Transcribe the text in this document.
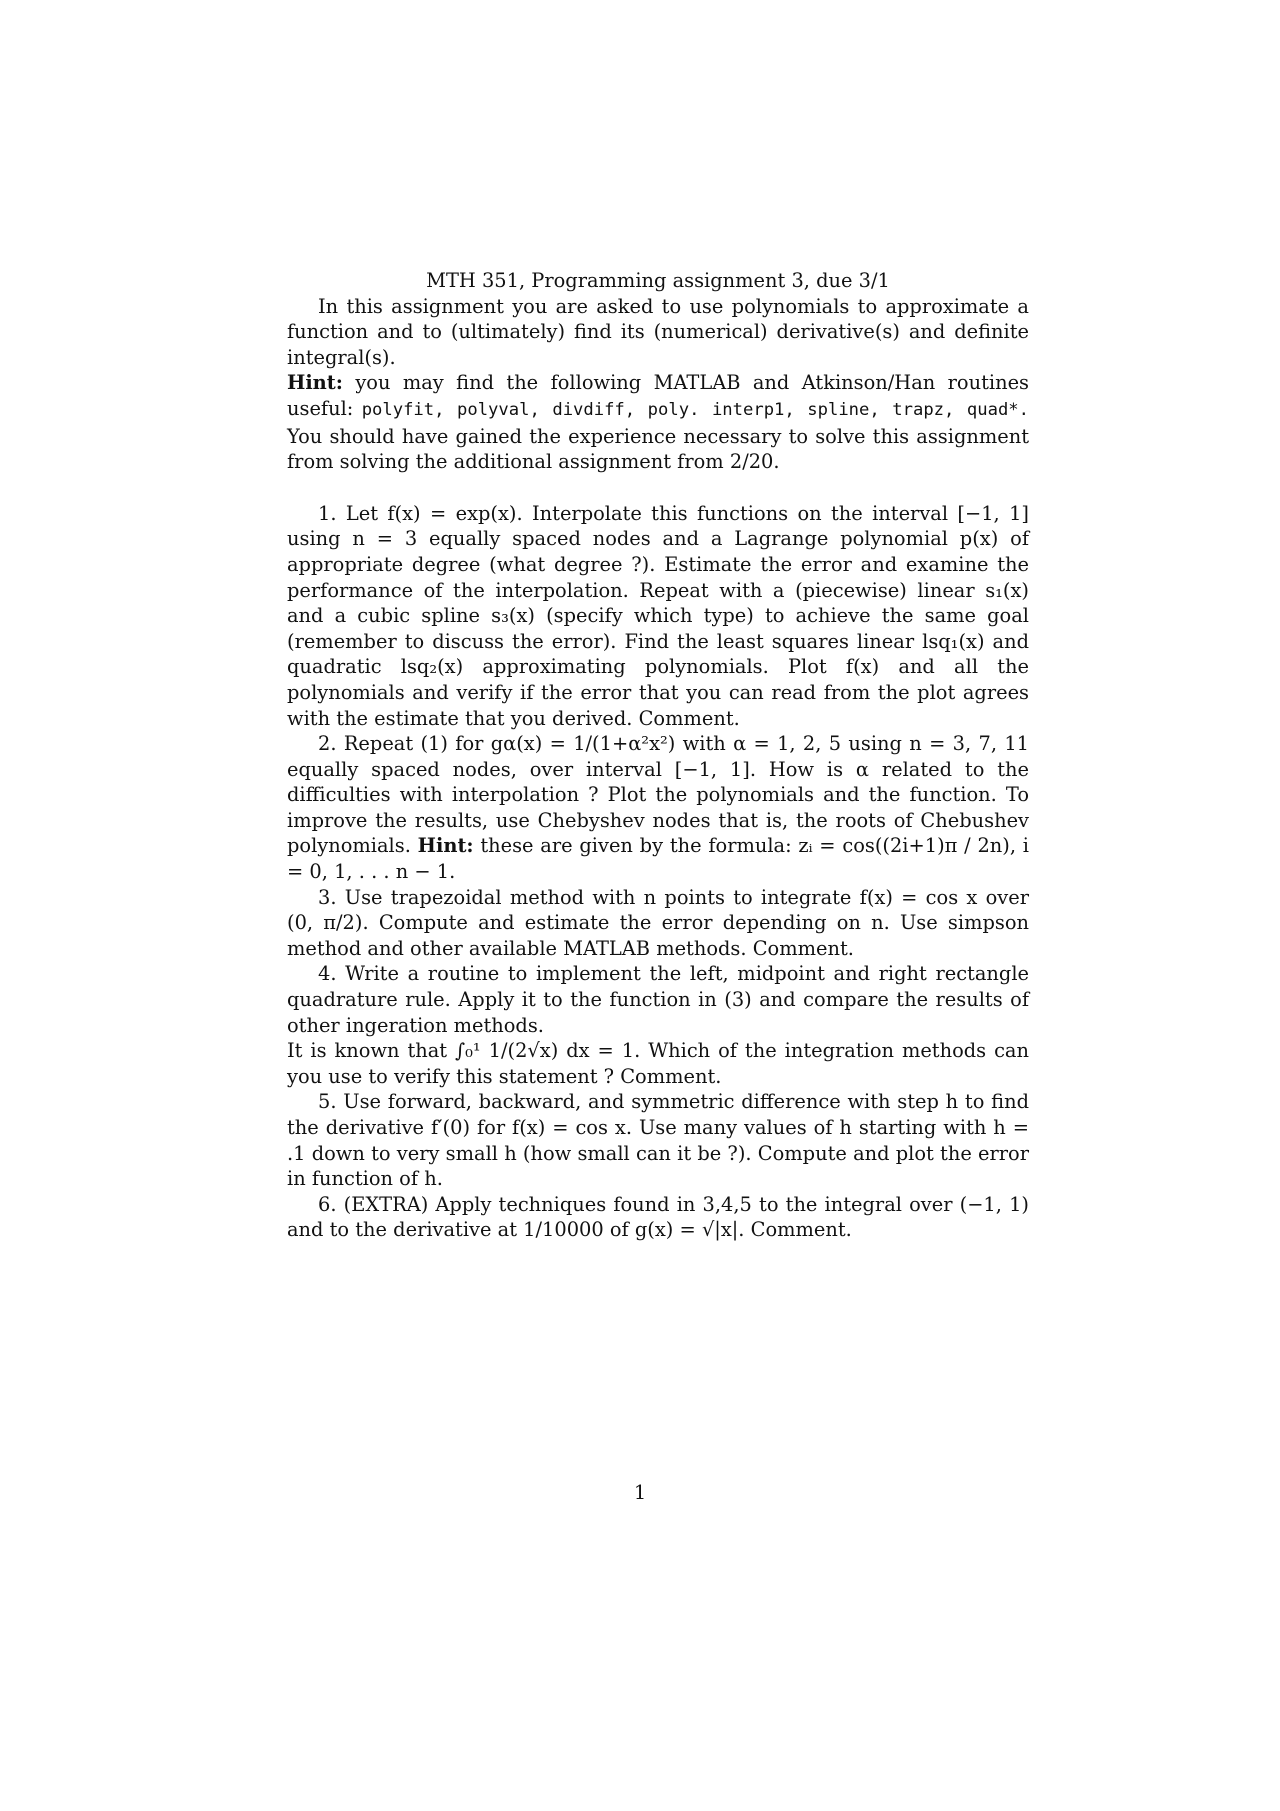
MTH 351, Programming assignment 3, due 3/1

In this assignment you are asked to use polynomials to approximate a function and to (ultimately) find its (numerical) derivative(s) and definite integral(s).
Hint: you may find the following MATLAB and Atkinson/Han routines useful: polyfit, polyval, divdiff, poly. interp1, spline, trapz, quad*. You should have gained the experience necessary to solve this assignment from solving the additional assignment from 2/20.

1. Let f(x) = exp(x). Interpolate this functions on the interval [−1, 1] using n = 3 equally spaced nodes and a Lagrange polynomial p(x) of appropriate degree (what degree ?). Estimate the error and examine the performance of the interpolation. Repeat with a (piecewise) linear s₁(x) and a cubic spline s₃(x) (specify which type) to achieve the same goal (remember to discuss the error). Find the least squares linear lsq₁(x) and quadratic lsq₂(x) approximating polynomials. Plot f(x) and all the polynomials and verify if the error that you can read from the plot agrees with the estimate that you derived. Comment.

2. Repeat (1) for gα(x) = 1/(1+α²x²) with α = 1, 2, 5 using n = 3, 7, 11 equally spaced nodes, over interval [−1, 1]. How is α related to the difficulties with interpolation ? Plot the polynomials and the function. To improve the results, use Chebyshev nodes that is, the roots of Chebushev polynomials. Hint: these are given by the formula: zᵢ = cos((2i+1)π / 2n), i = 0, 1, . . . n − 1.

3. Use trapezoidal method with n points to integrate f(x) = cos x over (0, π/2). Compute and estimate the error depending on n. Use simpson method and other available MATLAB methods. Comment.

4. Write a routine to implement the left, midpoint and right rectangle quadrature rule. Apply it to the function in (3) and compare the results of other ingeration methods.

It is known that ∫₀¹ 1/(2√x) dx = 1. Which of the integration methods can you use to verify this statement ? Comment.

5. Use forward, backward, and symmetric difference with step h to find the derivative f′(0) for f(x) = cos x. Use many values of h starting with h = .1 down to very small h (how small can it be ?). Compute and plot the error in function of h.

6. (EXTRA) Apply techniques found in 3,4,5 to the integral over (−1, 1) and to the derivative at 1/10000 of g(x) = √|x|. Comment.

1
